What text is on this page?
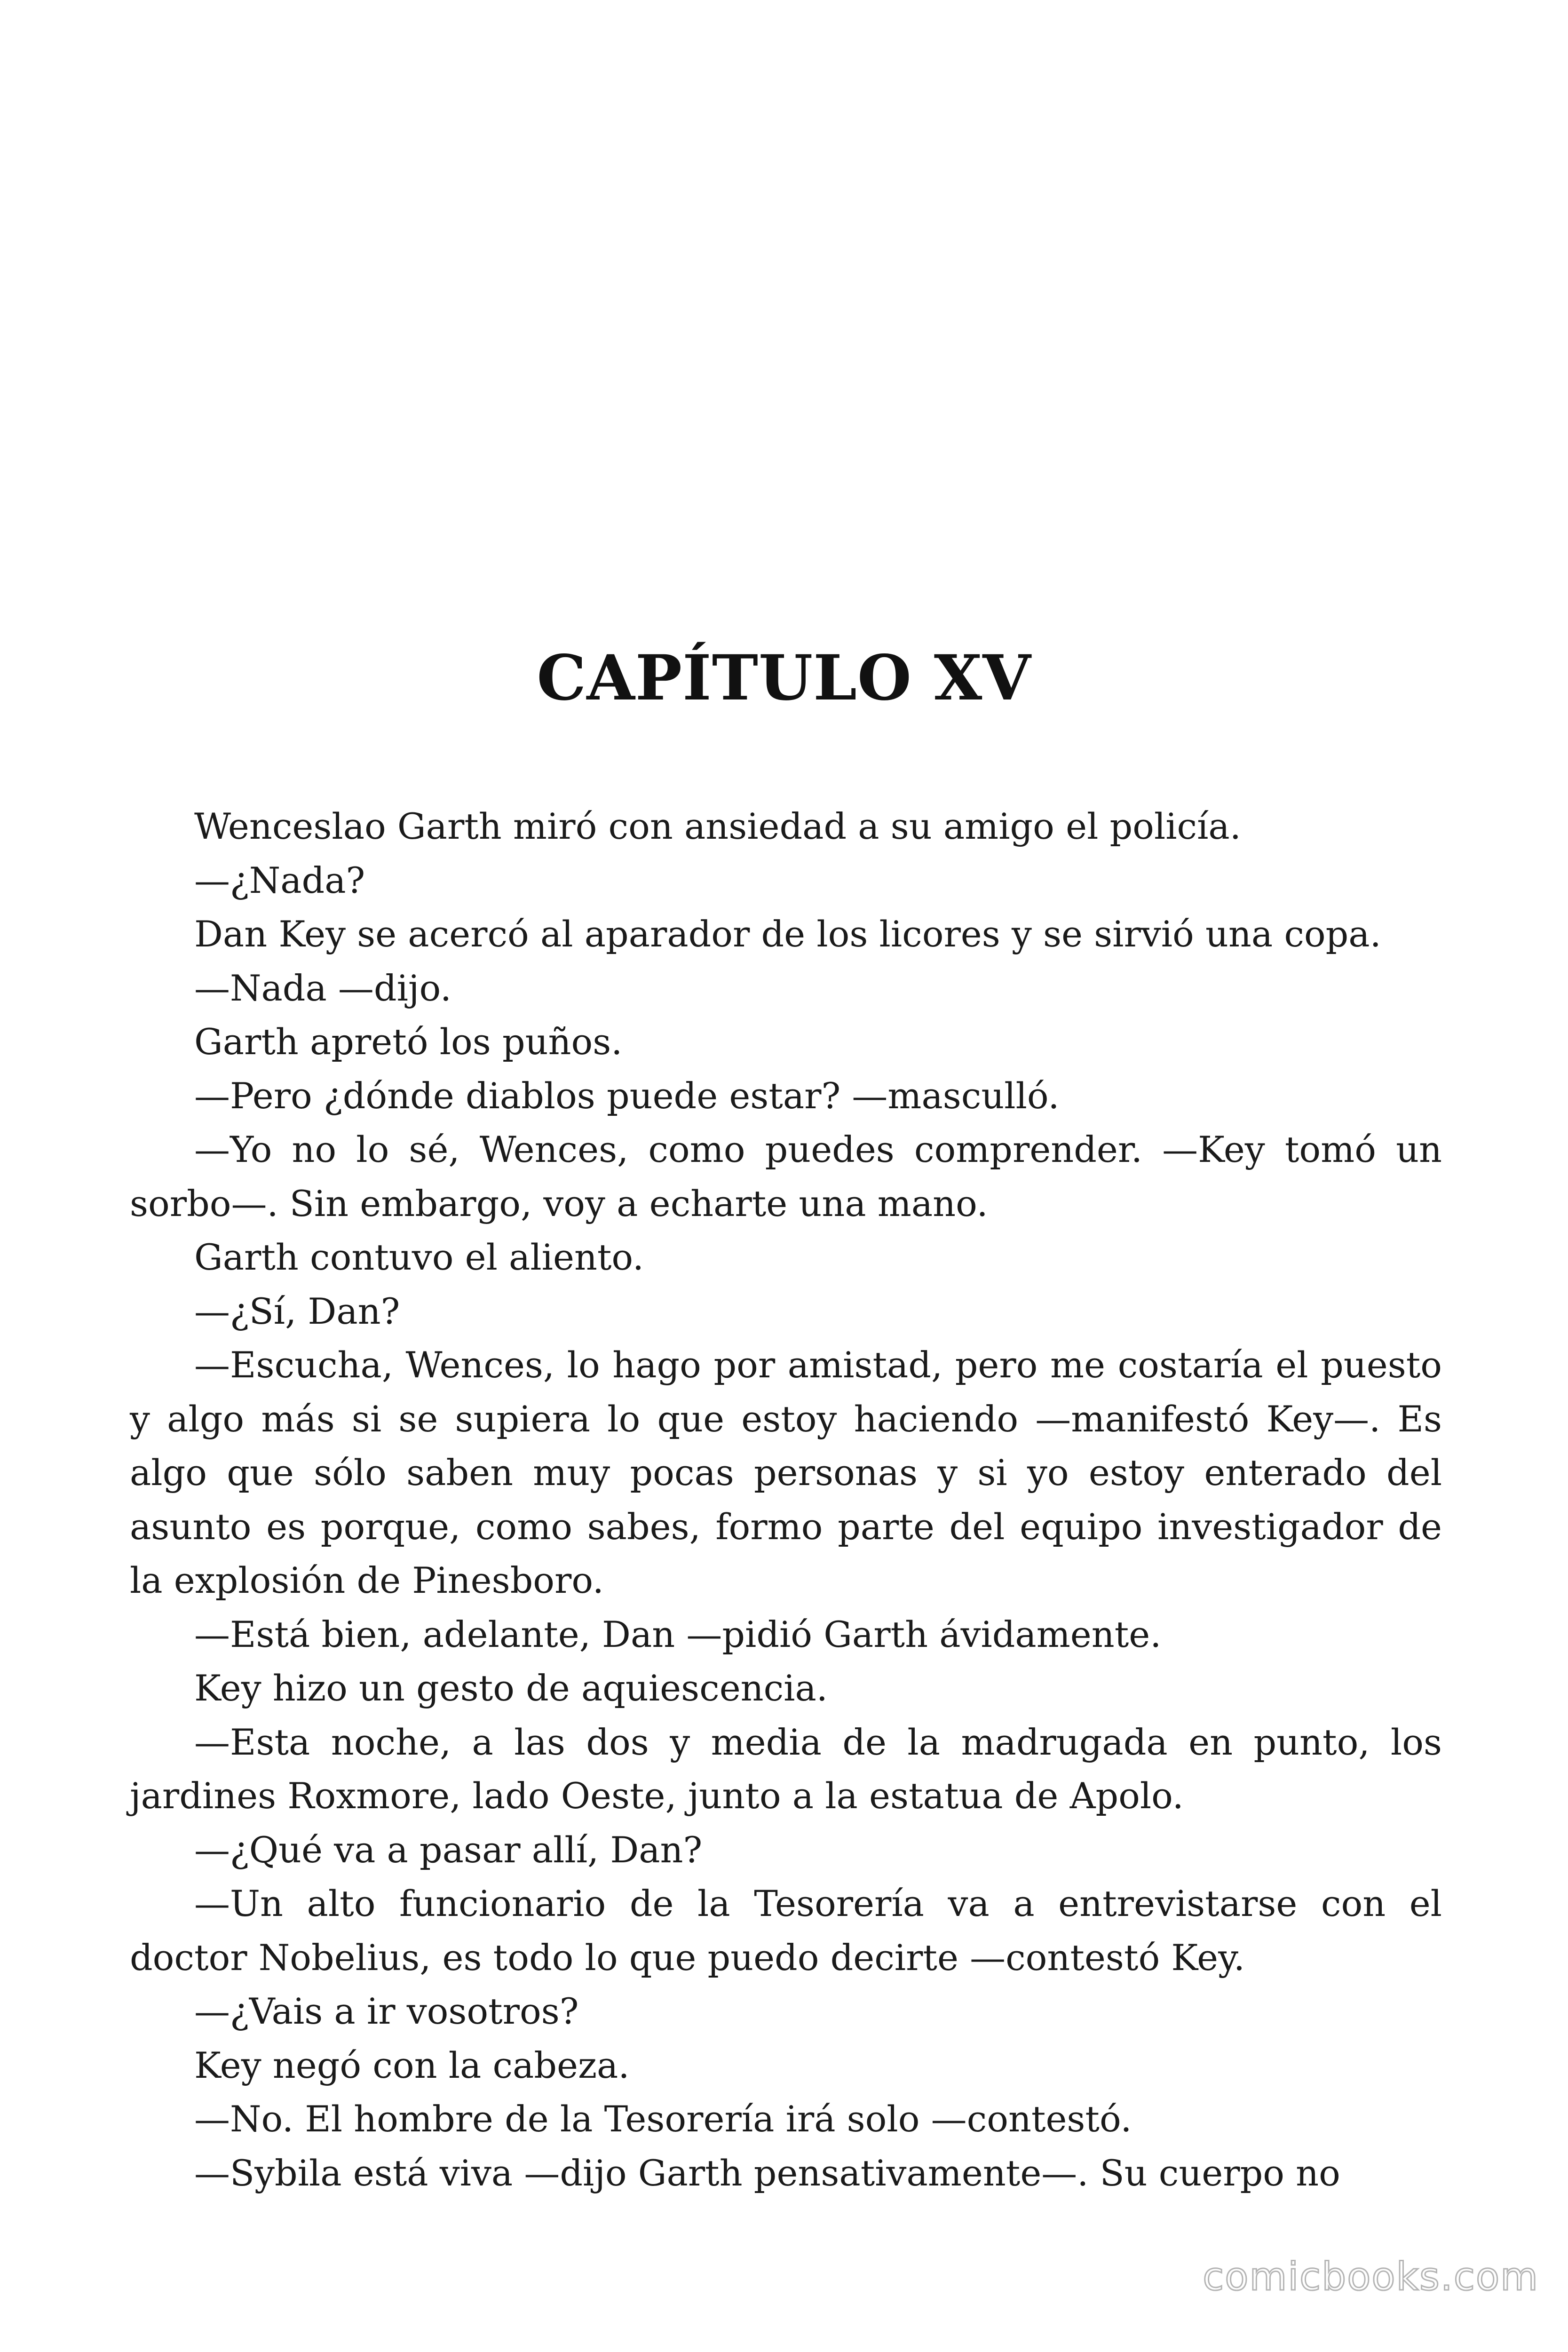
CAPÍTULO XV

Wenceslao Garth miró con ansiedad a su amigo el policía.

—¿Nada?

Dan Key se acercó al aparador de los licores y se sirvió una copa.

—Nada —dijo.

Garth apretó los puños.

—Pero ¿dónde diablos puede estar? —masculló.

—Yo no lo sé, Wences, como puedes comprender. —Key tomó un sorbo—. Sin embargo, voy a echarte una mano.

Garth contuvo el aliento.

—¿Sí, Dan?

—Escucha, Wences, lo hago por amistad, pero me costaría el puesto y algo más si se supiera lo que estoy haciendo —manifestó Key—. Es algo que sólo saben muy pocas personas y si yo estoy enterado del asunto es porque, como sabes, formo parte del equipo investigador de la explosión de Pinesboro.

—Está bien, adelante, Dan —pidió Garth ávidamente.

Key hizo un gesto de aquiescencia.

—Esta noche, a las dos y media de la madrugada en punto, los jardines Roxmore, lado Oeste, junto a la estatua de Apolo.

—¿Qué va a pasar allí, Dan?

—Un alto funcionario de la Tesorería va a entrevistarse con el doctor Nobelius, es todo lo que puedo decirte —contestó Key.

—¿Vais a ir vosotros?

Key negó con la cabeza.

—No. El hombre de la Tesorería irá solo —contestó.

—Sybila está viva —dijo Garth pensativamente—. Su cuerpo no

comicbooks.com
